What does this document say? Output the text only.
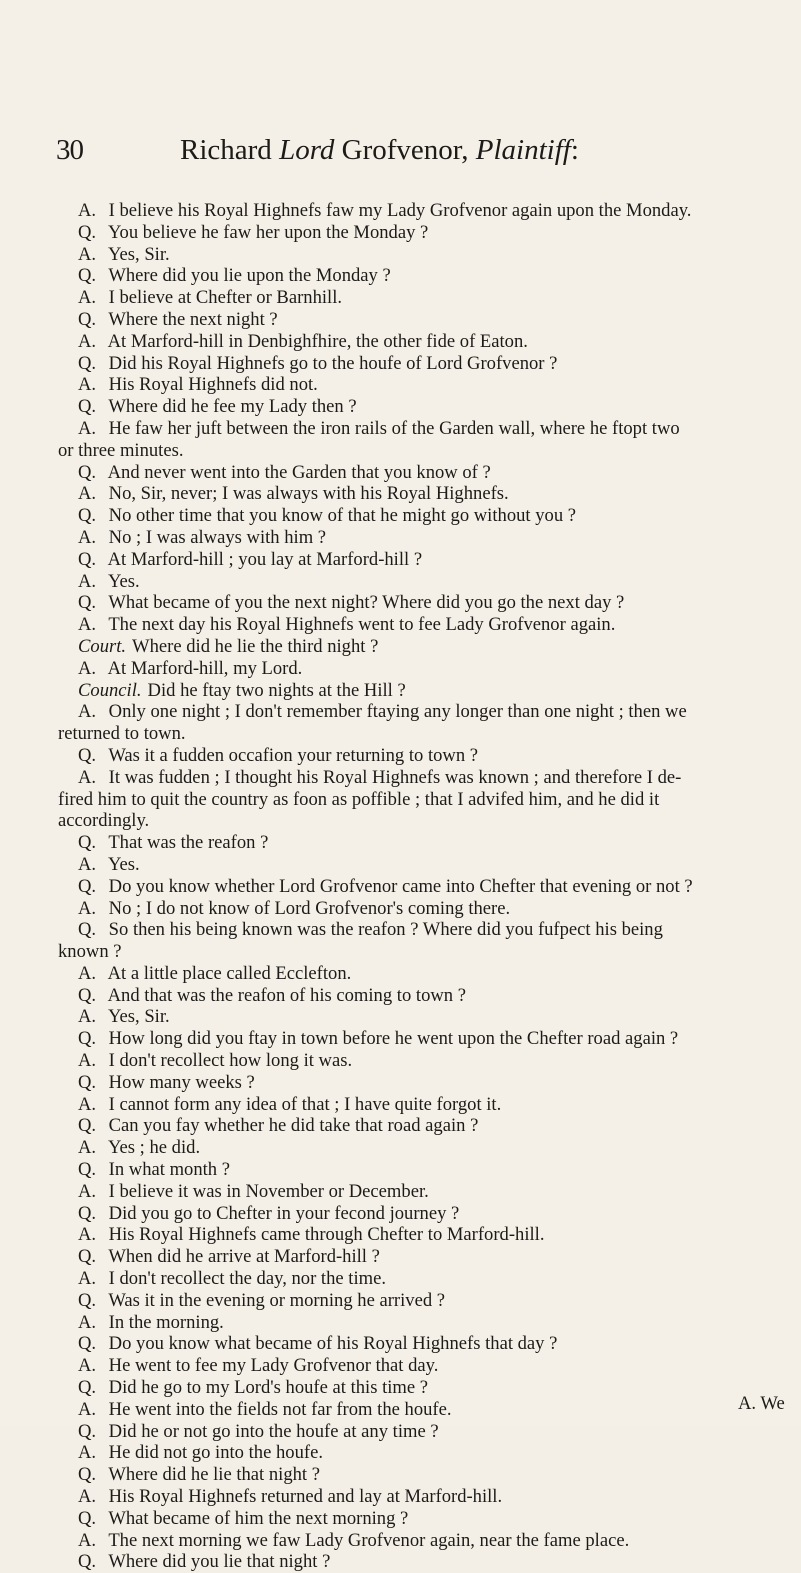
30	Richard Lord Grofvenor, Plaintiff:
A. I believe his Royal Highnefs faw my Lady Grofvenor again upon the Monday.
Q. You believe he faw her upon the Monday ?
A. Yes, Sir.
Q. Where did you lie upon the Monday ?
A. I believe at Chefter or Barnhill.
Q. Where the next night ?
A. At Marford-hill in Denbighfhire, the other fide of Eaton.
Q. Did his Royal Highnefs go to the houfe of Lord Grofvenor ?
A. His Royal Highnefs did not.
Q. Where did he fee my Lady then ?
A. He faw her juft between the iron rails of the Garden wall, where he ftopt two
or three minutes.
Q. And never went into the Garden that you know of ?
A. No, Sir, never; I was always with his Royal Highnefs.
Q. No other time that you know of that he might go without you ?
A. No ; I was always with him ?
Q. At Marford-hill ; you lay at Marford-hill ?
A. Yes.
Q. What became of you the next night? Where did you go the next day ?
A. The next day his Royal Highnefs went to fee Lady Grofvenor again.
Court. Where did he lie the third night ?
A. At Marford-hill, my Lord.
Council. Did he ftay two nights at the Hill ?
A. Only one night ; I don't remember ftaying any longer than one night ; then we
returned to town.
Q. Was it a fudden occafion your returning to town ?
A. It was fudden ; I thought his Royal Highnefs was known ; and therefore I de-
fired him to quit the country as foon as poffible ; that I advifed him, and he did it
accordingly.
Q. That was the reafon ?
A. Yes.
Q. Do you know whether Lord Grofvenor came into Chefter that evening or not ?
A. No ; I do not know of Lord Grofvenor's coming there.
Q. So then his being known was the reafon ? Where did you fufpect his being
known ?
A. At a little place called Ecclefton.
Q. And that was the reafon of his coming to town ?
A. Yes, Sir.
Q. How long did you ftay in town before he went upon the Chefter road again ?
A. I don't recollect how long it was.
Q. How many weeks ?
A. I cannot form any idea of that ; I have quite forgot it.
Q. Can you fay whether he did take that road again ?
A. Yes ; he did.
Q. In what month ?
A. I believe it was in November or December.
Q. Did you go to Chefter in your fecond journey ?
A. His Royal Highnefs came through Chefter to Marford-hill.
Q. When did he arrive at Marford-hill ?
A. I don't recollect the day, nor the time.
Q. Was it in the evening or morning he arrived ?
A. In the morning.
Q. Do you know what became of his Royal Highnefs that day ?
A. He went to fee my Lady Grofvenor that day.
Q. Did he go to my Lord's houfe at this time ?
A. He went into the fields not far from the houfe.
Q. Did he or not go into the houfe at any time ?
A. He did not go into the houfe.
Q. Where did he lie that night ?
A. His Royal Highnefs returned and lay at Marford-hill.
Q. What became of him the next morning ?
A. The next morning we faw Lady Grofvenor again, near the fame place.
Q. Where did you lie that night ?
A. We
